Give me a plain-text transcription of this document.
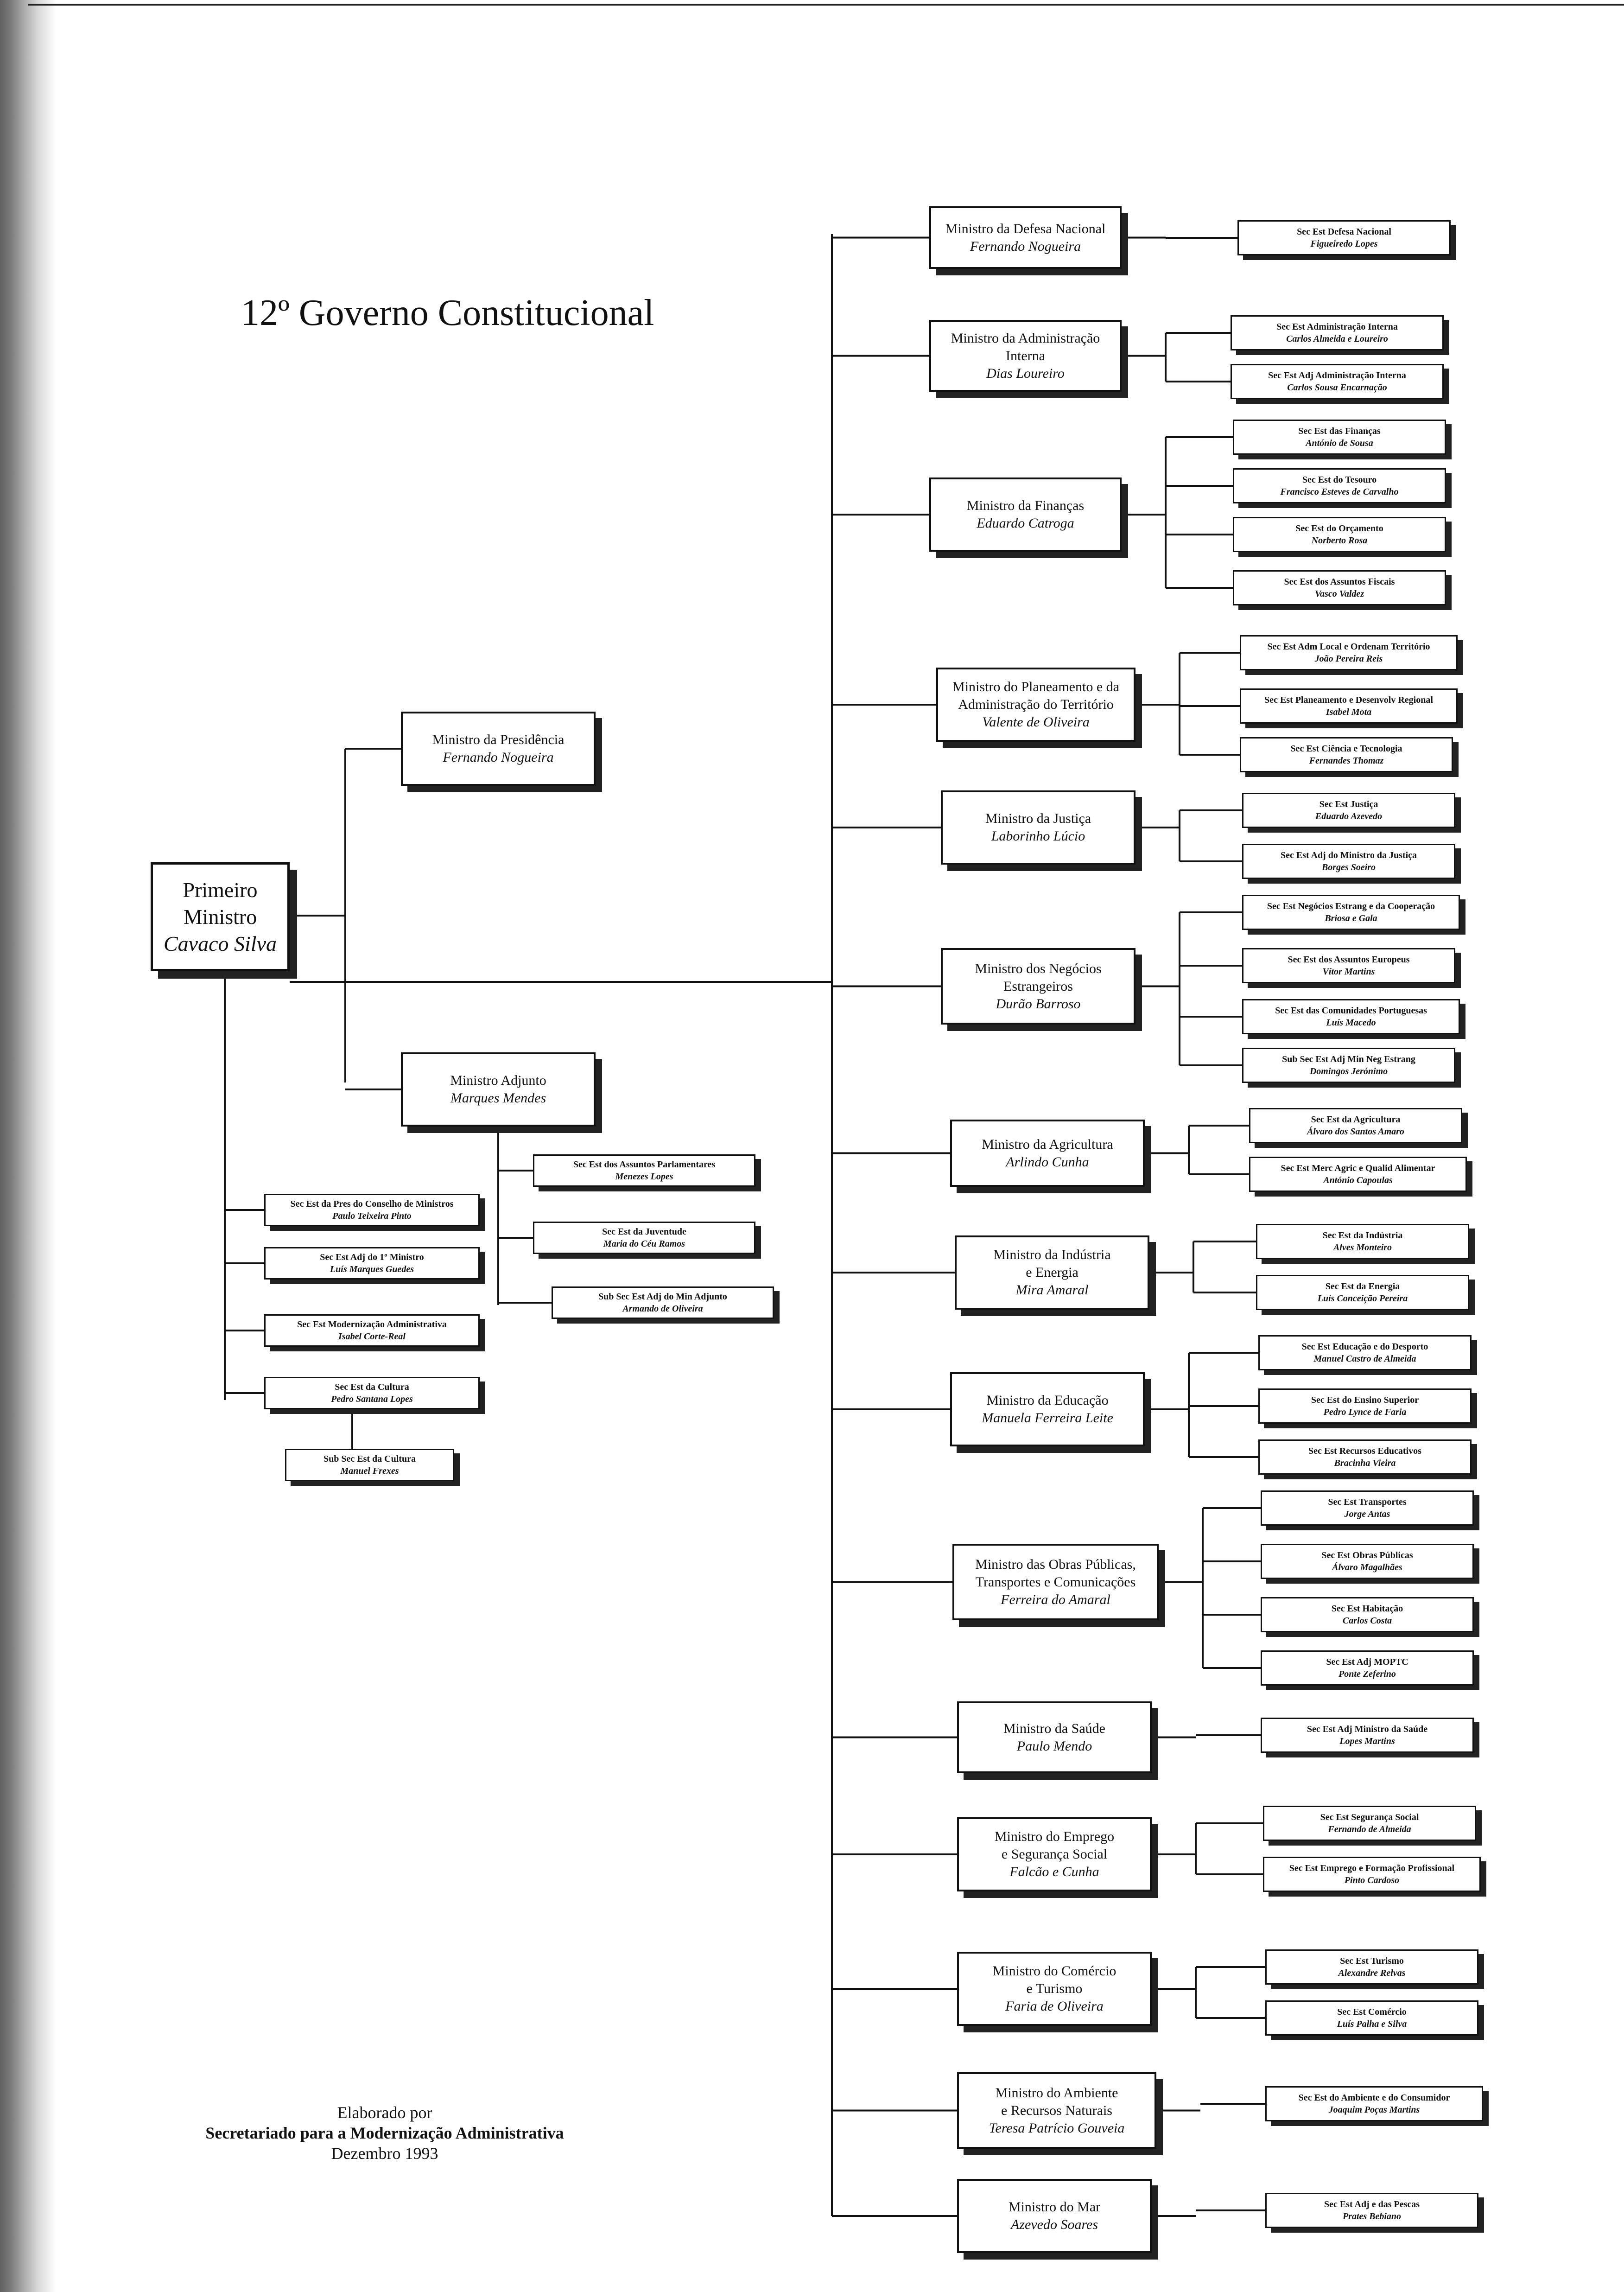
12º Governo Constitucional
Elaborado por
Secretariado para a Modernização Administrativa
Dezembro 1993
Primeiro
Ministro
Cavaco Silva
Ministro da Presidência
Fernando Nogueira
Ministro Adjunto
Marques Mendes
Sec Est dos Assuntos Parlamentares
Menezes Lopes
Sec Est da Juventude
Maria do Céu Ramos
Sub Sec Est Adj do Min Adjunto
Armando de Oliveira
Sec Est da Pres do Conselho de Ministros
Paulo Teixeira Pinto
Sec Est Adj do 1º Ministro
Luís Marques Guedes
Sec Est Modernização Administrativa
Isabel Corte-Real
Sec Est da Cultura
Pedro Santana Lopes
Sub Sec Est da Cultura
Manuel Frexes
Ministro da Defesa Nacional
Fernando Nogueira
Sec Est Defesa Nacional
Figueiredo Lopes
Ministro da Administração
Interna
Dias Loureiro
Sec Est Administração Interna
Carlos Almeida e Loureiro
Sec Est Adj Administração Interna
Carlos Sousa Encarnação
Ministro da Finanças
Eduardo Catroga
Sec Est das Finanças
António de Sousa
Sec Est do Tesouro
Francisco Esteves de Carvalho
Sec Est do Orçamento
Norberto Rosa
Sec Est dos Assuntos Fiscais
Vasco Valdez
Ministro do Planeamento e da
Administração do Território
Valente de Oliveira
Sec Est Adm Local e Ordenam Território
João Pereira Reis
Sec Est Planeamento e Desenvolv Regional
Isabel Mota
Sec Est Ciência e Tecnologia
Fernandes Thomaz
Ministro da Justiça
Laborinho Lúcio
Sec Est Justiça
Eduardo Azevedo
Sec Est Adj do Ministro da Justiça
Borges Soeiro
Ministro dos Negócios
Estrangeiros
Durão Barroso
Sec Est Negócios Estrang e da Cooperação
Briosa e Gala
Sec Est dos Assuntos Europeus
Vítor Martins
Sec Est das Comunidades Portuguesas
Luís Macedo
Sub Sec Est Adj Min Neg Estrang
Domingos Jerónimo
Ministro da Agricultura
Arlindo Cunha
Sec Est da Agricultura
Álvaro dos Santos Amaro
Sec Est Merc Agric e Qualid Alimentar
António Capoulas
Ministro da Indústria
e Energia
Mira Amaral
Sec Est da Indústria
Alves Monteiro
Sec Est da Energia
Luís Conceição Pereira
Ministro da Educação
Manuela Ferreira Leite
Sec Est Educação e do Desporto
Manuel Castro de Almeida
Sec Est do Ensino Superior
Pedro Lynce de Faria
Sec Est Recursos Educativos
Bracinha Vieira
Ministro das Obras Públicas,
Transportes e Comunicações
Ferreira do Amaral
Sec Est Transportes
Jorge Antas
Sec Est Obras Públicas
Álvaro Magalhães
Sec Est Habitação
Carlos Costa
Sec Est Adj MOPTC
Ponte Zeferino
Ministro da Saúde
Paulo Mendo
Sec Est Adj Ministro da Saúde
Lopes Martins
Ministro do Emprego
e Segurança Social
Falcão e Cunha
Sec Est Segurança Social
Fernando de Almeida
Sec Est Emprego e Formação Profissional
Pinto Cardoso
Ministro do Comércio
e Turismo
Faria de Oliveira
Sec Est Turismo
Alexandre Relvas
Sec Est Comércio
Luís Palha e Silva
Ministro do Ambiente
e Recursos Naturais
Teresa Patrício Gouveia
Sec Est do Ambiente e do Consumidor
Joaquim Poças Martins
Ministro do Mar
Azevedo Soares
Sec Est Adj e das Pescas
Prates Bebiano
